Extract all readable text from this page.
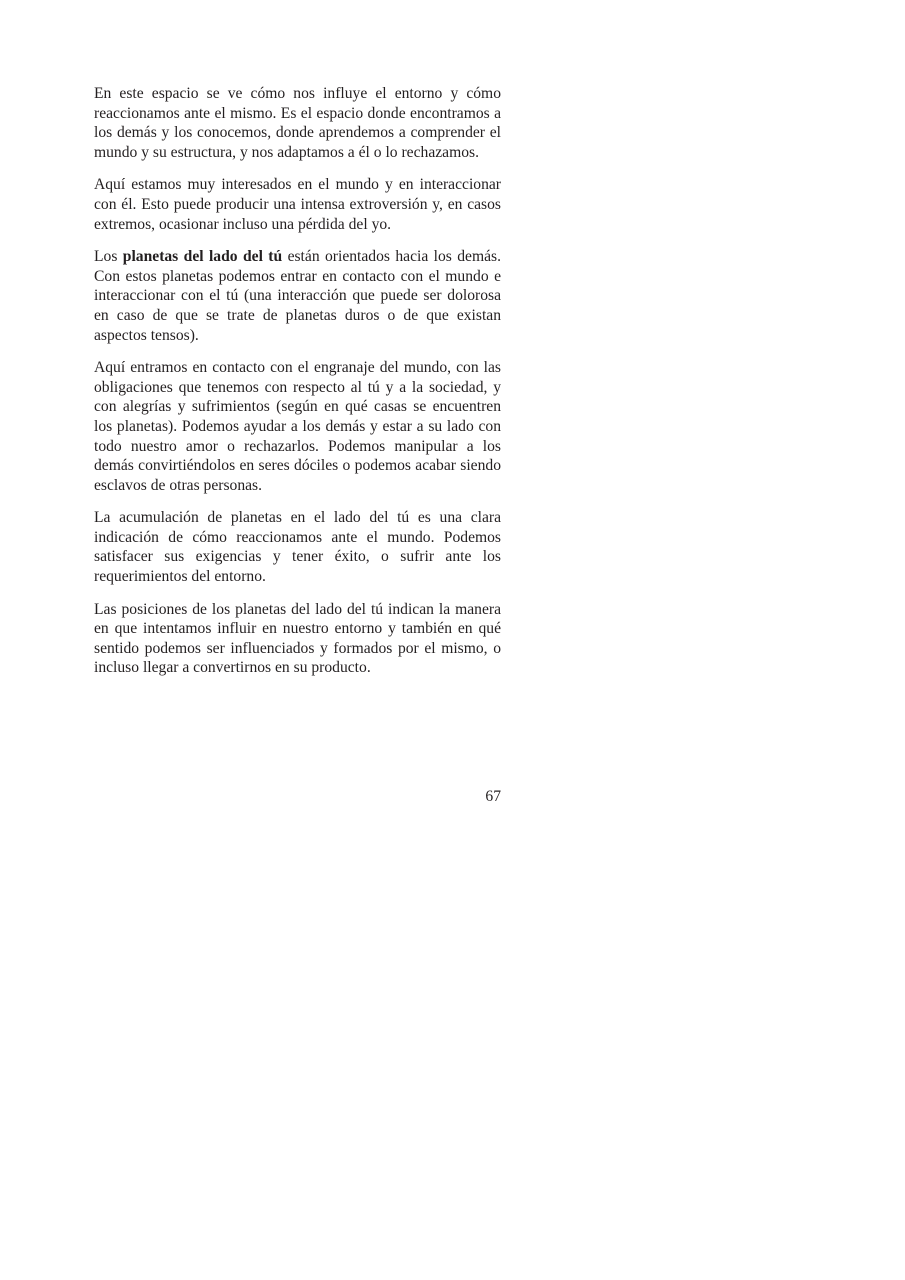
En este espacio se ve cómo nos influye el entorno y cómo reaccionamos ante el mismo. Es el espacio donde encontramos a los demás y los conocemos, donde aprendemos a comprender el mundo y su estructura, y nos adaptamos a él o lo rechazamos.

Aquí estamos muy interesados en el mundo y en interaccionar con él. Esto puede producir una intensa extroversión y, en casos extremos, ocasionar incluso una pérdida del yo.

Los planetas del lado del tú están orientados hacia los demás. Con estos planetas podemos entrar en contacto con el mundo e interaccionar con el tú (una interacción que puede ser dolorosa en caso de que se trate de planetas duros o de que existan aspectos tensos).

Aquí entramos en contacto con el engranaje del mundo, con las obligaciones que tenemos con respecto al tú y a la sociedad, y con alegrías y sufrimientos (según en qué casas se encuentren los planetas). Podemos ayudar a los demás y estar a su lado con todo nuestro amor o rechazarlos. Podemos manipular a los demás convirtiéndolos en seres dóciles o podemos acabar siendo esclavos de otras personas.

La acumulación de planetas en el lado del tú es una clara indicación de cómo reaccionamos ante el mundo. Podemos satisfacer sus exigencias y tener éxito, o sufrir ante los requerimientos del entorno.

Las posiciones de los planetas del lado del tú indican la manera en que intentamos influir en nuestro entorno y también en qué sentido podemos ser influenciados y formados por el mismo, o incluso llegar a convertirnos en su producto.

67
